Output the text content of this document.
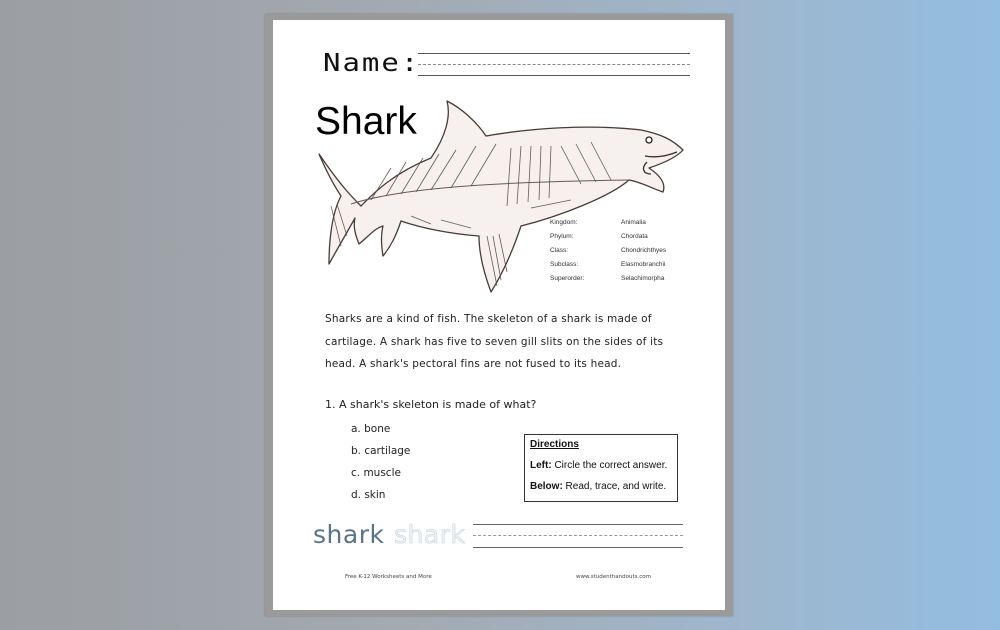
Name:
Shark
Kingdom:	Animalia
Phylum:	Chordata
Class:	Chondrichthyes
Subclass:	Elasmobranchii
Superorder:	Selachimorpha
Sharks are a kind of fish. The skeleton of a shark is made of cartilage. A shark has five to seven gill slits on the sides of its head. A shark's pectoral fins are not fused to its head.
1. A shark's skeleton is made of what?
a. bone
b. cartilage
c. muscle
d. skin
Directions
Left: Circle the correct answer.
Below: Read, trace, and write.
shark shark
Free K-12 Worksheets and More	www.studenthandouts.com
